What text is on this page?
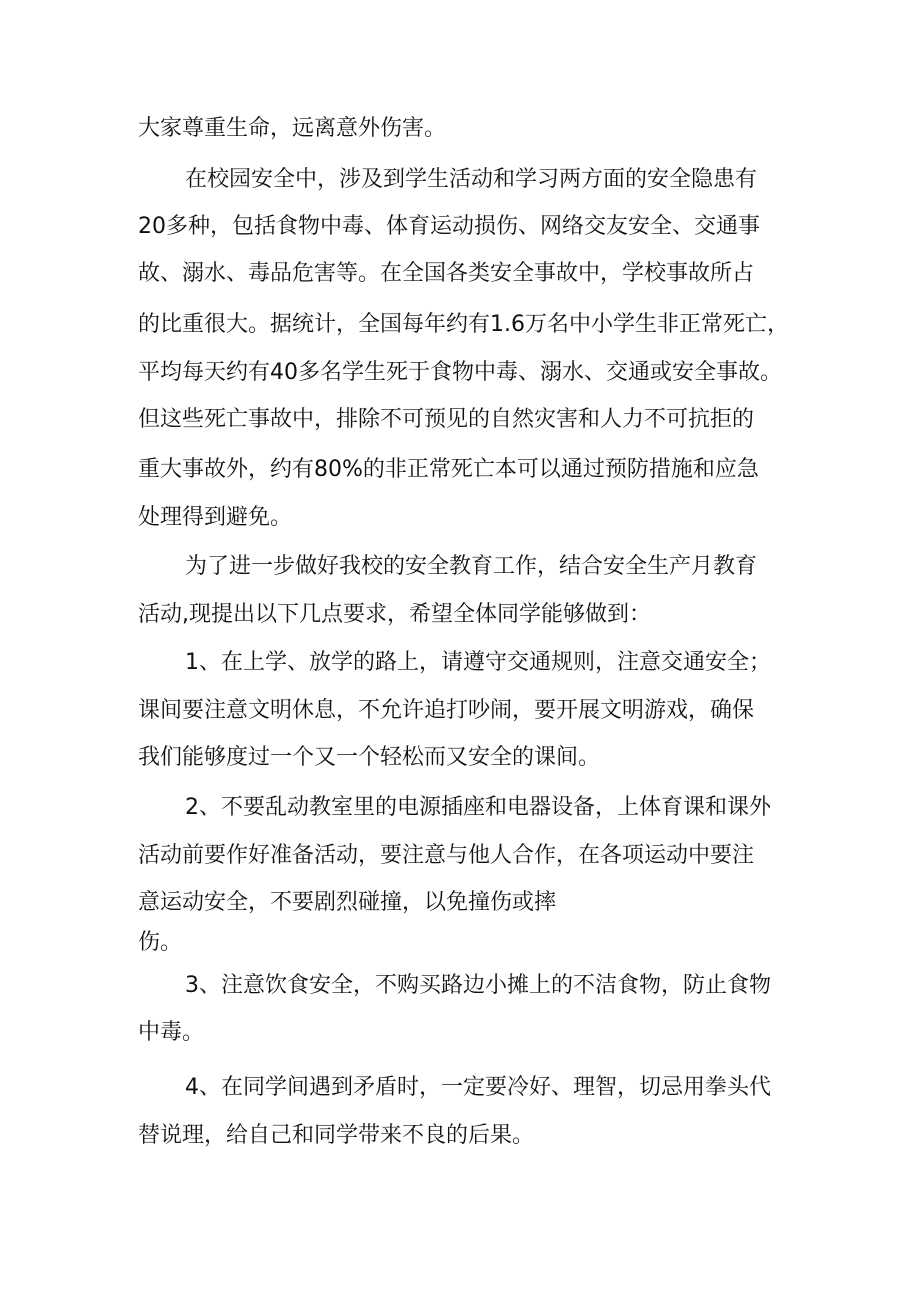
大家尊重生命，远离意外伤害。
在校园安全中，涉及到学生活动和学习两方面的安全隐患有
20多种，包括食物中毒、体育运动损伤、网络交友安全、交通事
故、溺水、毒品危害等。在全国各类安全事故中，学校事故所占
的比重很大。据统计，全国每年约有1.6万名中小学生非正常死亡，
平均每天约有40多名学生死于食物中毒、溺水、交通或安全事故。
但这些死亡事故中，排除不可预见的自然灾害和人力不可抗拒的
重大事故外，约有80%的非正常死亡本可以通过预防措施和应急
处理得到避免。
为了进一步做好我校的安全教育工作，结合安全生产月教育
活动,现提出以下几点要求，希望全体同学能够做到：
1、在上学、放学的路上，请遵守交通规则，注意交通安全；
课间要注意文明休息，不允许追打吵闹，要开展文明游戏，确保
我们能够度过一个又一个轻松而又安全的课间。
2、不要乱动教室里的电源插座和电器设备，上体育课和课外
活动前要作好准备活动，要注意与他人合作，在各项运动中要注
意运动安全，不要剧烈碰撞，以免撞伤或摔
伤。
3、注意饮食安全，不购买路边小摊上的不洁食物，防止食物
中毒。
4、在同学间遇到矛盾时，一定要冷好、理智，切忌用拳头代
替说理，给自己和同学带来不良的后果。
